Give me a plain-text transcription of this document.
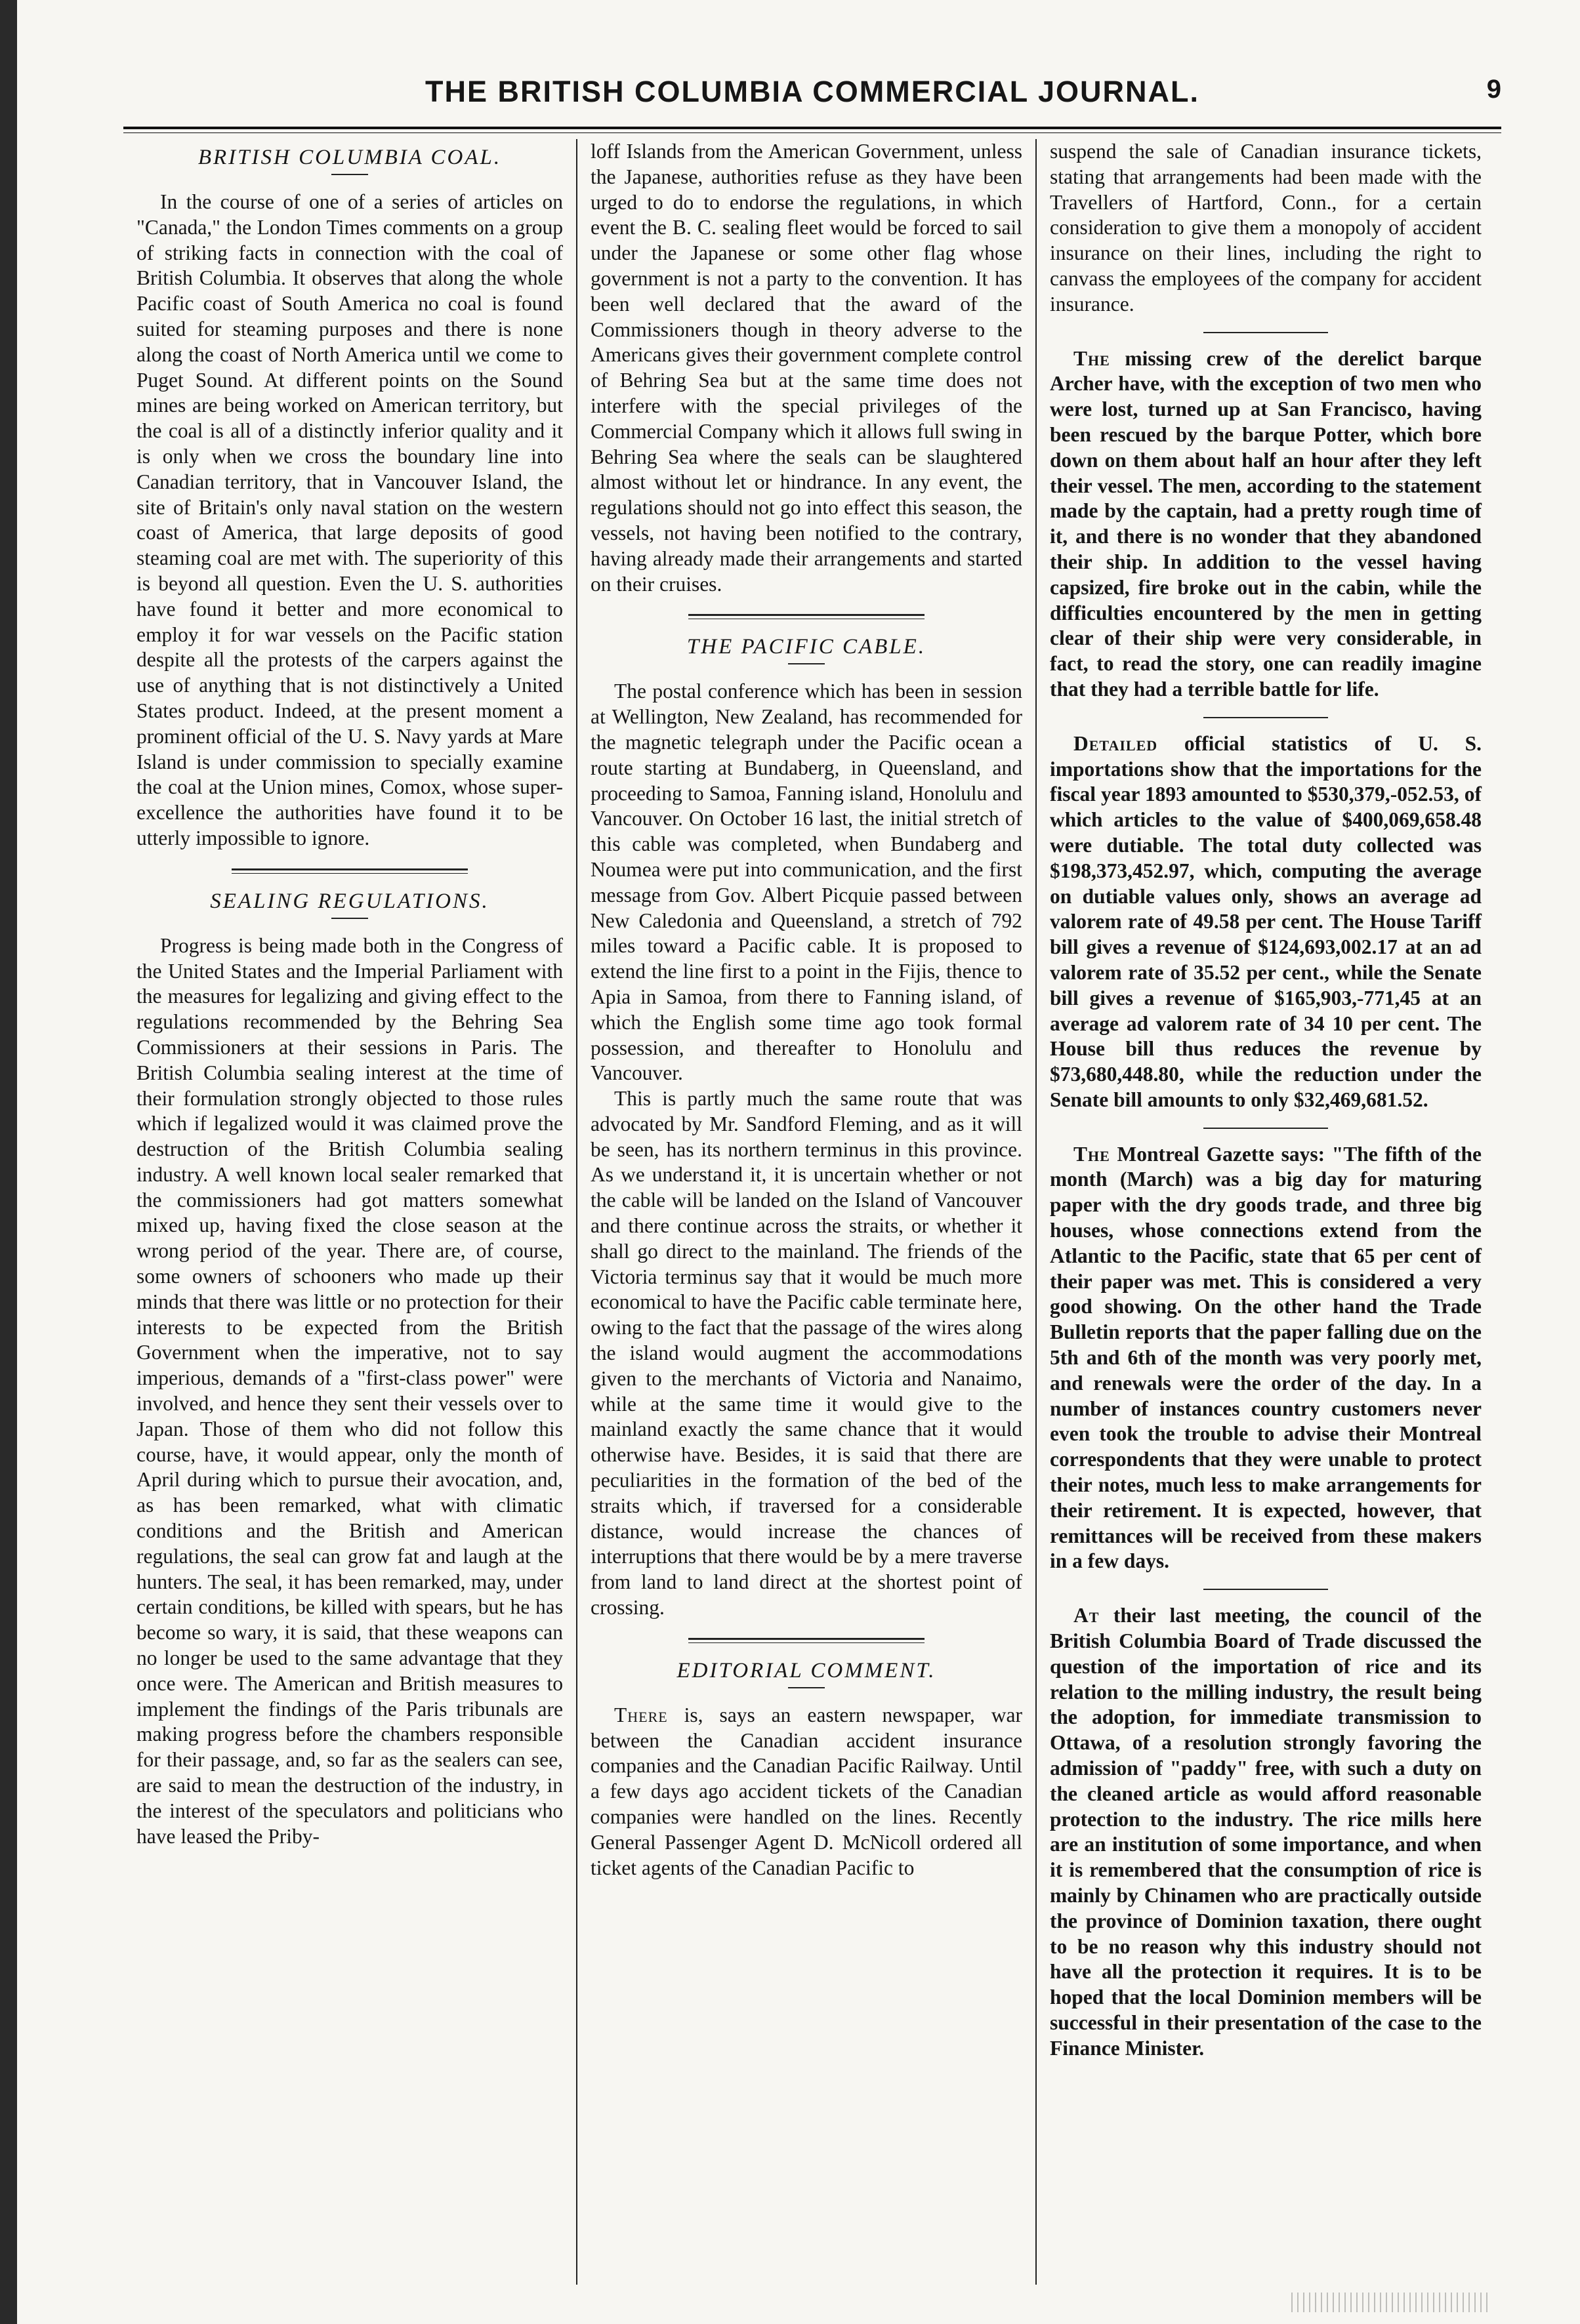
THE BRITISH COLUMBIA COMMERCIAL JOURNAL.	9
BRITISH COLUMBIA COAL.

In the course of one of a series of articles on "Canada," the London Times comments on a group of striking facts in connection with the coal of British Columbia. It observes that along the whole Pacific coast of South America no coal is found suited for steaming purposes and there is none along the coast of North America until we come to Puget Sound. At different points on the Sound mines are being worked on American territory, but the coal is all of a distinctly inferior quality and it is only when we cross the boundary line into Canadian territory, that in Vancouver Island, the site of Britain's only naval station on the western coast of America, that large deposits of good steaming coal are met with. The superiority of this is beyond all question. Even the U. S. authorities have found it better and more economical to employ it for war vessels on the Pacific station despite all the protests of the carpers against the use of anything that is not distinctively a United States product. Indeed, at the present moment a prominent official of the U. S. Navy yards at Mare Island is under commission to specially examine the coal at the Union mines, Comox, whose super-excellence the authorities have found it to be utterly impossible to ignore.

SEALING REGULATIONS.

Progress is being made both in the Congress of the United States and the Imperial Parliament with the measures for legalizing and giving effect to the regulations recommended by the Behring Sea Commissioners at their sessions in Paris. The British Columbia sealing interest at the time of their formulation strongly objected to those rules which if legalized would it was claimed prove the destruction of the British Columbia sealing industry. A well known local sealer remarked that the commissioners had got matters somewhat mixed up, having fixed the close season at the wrong period of the year. There are, of course, some owners of schooners who made up their minds that there was little or no protection for their interests to be expected from the British Government when the imperative, not to say imperious, demands of a "first-class power" were involved, and hence they sent their vessels over to Japan. Those of them who did not follow this course, have, it would appear, only the month of April during which to pursue their avocation, and, as has been remarked, what with climatic conditions and the British and American regulations, the seal can grow fat and laugh at the hunters. The seal, it has been remarked, may, under certain conditions, be killed with spears, but he has become so wary, it is said, that these weapons can no longer be used to the same advantage that they once were. The American and British measures to implement the findings of the Paris tribunals are making progress before the chambers responsible for their passage, and, so far as the sealers can see, are said to mean the destruction of the industry, in the interest of the speculators and politicians who have leased the Priby-

loff Islands from the American Government, unless the Japanese, authorities refuse as they have been urged to do to endorse the regulations, in which event the B. C. sealing fleet would be forced to sail under the Japanese or some other flag whose government is not a party to the convention. It has been well declared that the award of the Commissioners though in theory adverse to the Americans gives their government complete control of Behring Sea but at the same time does not interfere with the special privileges of the Commercial Company which it allows full swing in Behring Sea where the seals can be slaughtered almost without let or hindrance. In any event, the regulations should not go into effect this season, the vessels, not having been notified to the contrary, having already made their arrangements and started on their cruises.

THE PACIFIC CABLE.

The postal conference which has been in session at Wellington, New Zealand, has recommended for the magnetic telegraph under the Pacific ocean a route starting at Bundaberg, in Queensland, and proceeding to Samoa, Fanning island, Honolulu and Vancouver. On October 16 last, the initial stretch of this cable was completed, when Bundaberg and Noumea were put into communication, and the first message from Gov. Albert Picquie passed between New Caledonia and Queensland, a stretch of 792 miles toward a Pacific cable. It is proposed to extend the line first to a point in the Fijis, thence to Apia in Samoa, from there to Fanning island, of which the English some time ago took formal possession, and thereafter to Honolulu and Vancouver.

This is partly much the same route that was advocated by Mr. Sandford Fleming, and as it will be seen, has its northern terminus in this province. As we understand it, it is uncertain whether or not the cable will be landed on the Island of Vancouver and there continue across the straits, or whether it shall go direct to the mainland. The friends of the Victoria terminus say that it would be much more economical to have the Pacific cable terminate here, owing to the fact that the passage of the wires along the island would augment the accommodations given to the merchants of Victoria and Nanaimo, while at the same time it would give to the mainland exactly the same chance that it would otherwise have. Besides, it is said that there are peculiarities in the formation of the bed of the straits which, if traversed for a considerable distance, would increase the chances of interruptions that there would be by a mere traverse from land to land direct at the shortest point of crossing.

EDITORIAL COMMENT.

There is, says an eastern newspaper, war between the Canadian accident insurance companies and the Canadian Pacific Railway. Until a few days ago accident tickets of the Canadian companies were handled on the lines. Recently General Passenger Agent D. McNicoll ordered all ticket agents of the Canadian Pacific to

suspend the sale of Canadian insurance tickets, stating that arrangements had been made with the Travellers of Hartford, Conn., for a certain consideration to give them a monopoly of accident insurance on their lines, including the right to canvass the employees of the company for accident insurance.

The missing crew of the derelict barque Archer have, with the exception of two men who were lost, turned up at San Francisco, having been rescued by the barque Potter, which bore down on them about half an hour after they left their vessel. The men, according to the statement made by the captain, had a pretty rough time of it, and there is no wonder that they abandoned their ship. In addition to the vessel having capsized, fire broke out in the cabin, while the difficulties encountered by the men in getting clear of their ship were very considerable, in fact, to read the story, one can readily imagine that they had a terrible battle for life.

Detailed official statistics of U. S. importations show that the importations for the fiscal year 1893 amounted to $530,379,-052.53, of which articles to the value of $400,069,658.48 were dutiable. The total duty collected was $198,373,452.97, which, computing the average on dutiable values only, shows an average ad valorem rate of 49.58 per cent. The House Tariff bill gives a revenue of $124,693,002.17 at an ad valorem rate of 35.52 per cent., while the Senate bill gives a revenue of $165,903,-771,45 at an average ad valorem rate of 34 10 per cent. The House bill thus reduces the revenue by $73,680,448.80, while the reduction under the Senate bill amounts to only $32,469,681.52.

The Montreal Gazette says: "The fifth of the month (March) was a big day for maturing paper with the dry goods trade, and three big houses, whose connections extend from the Atlantic to the Pacific, state that 65 per cent of their paper was met. This is considered a very good showing. On the other hand the Trade Bulletin reports that the paper falling due on the 5th and 6th of the month was very poorly met, and renewals were the order of the day. In a number of instances country customers never even took the trouble to advise their Montreal correspondents that they were unable to protect their notes, much less to make arrangements for their retirement. It is expected, however, that remittances will be received from these makers in a few days.

At their last meeting, the council of the British Columbia Board of Trade discussed the question of the importation of rice and its relation to the milling industry, the result being the adoption, for immediate transmission to Ottawa, of a resolution strongly favoring the admission of "paddy" free, with such a duty on the cleaned article as would afford reasonable protection to the industry. The rice mills here are an institution of some importance, and when it is remembered that the consumption of rice is mainly by Chinamen who are practically outside the province of Dominion taxation, there ought to be no reason why this industry should not have all the protection it requires. It is to be hoped that the local Dominion members will be successful in their presentation of the case to the Finance Minister.
